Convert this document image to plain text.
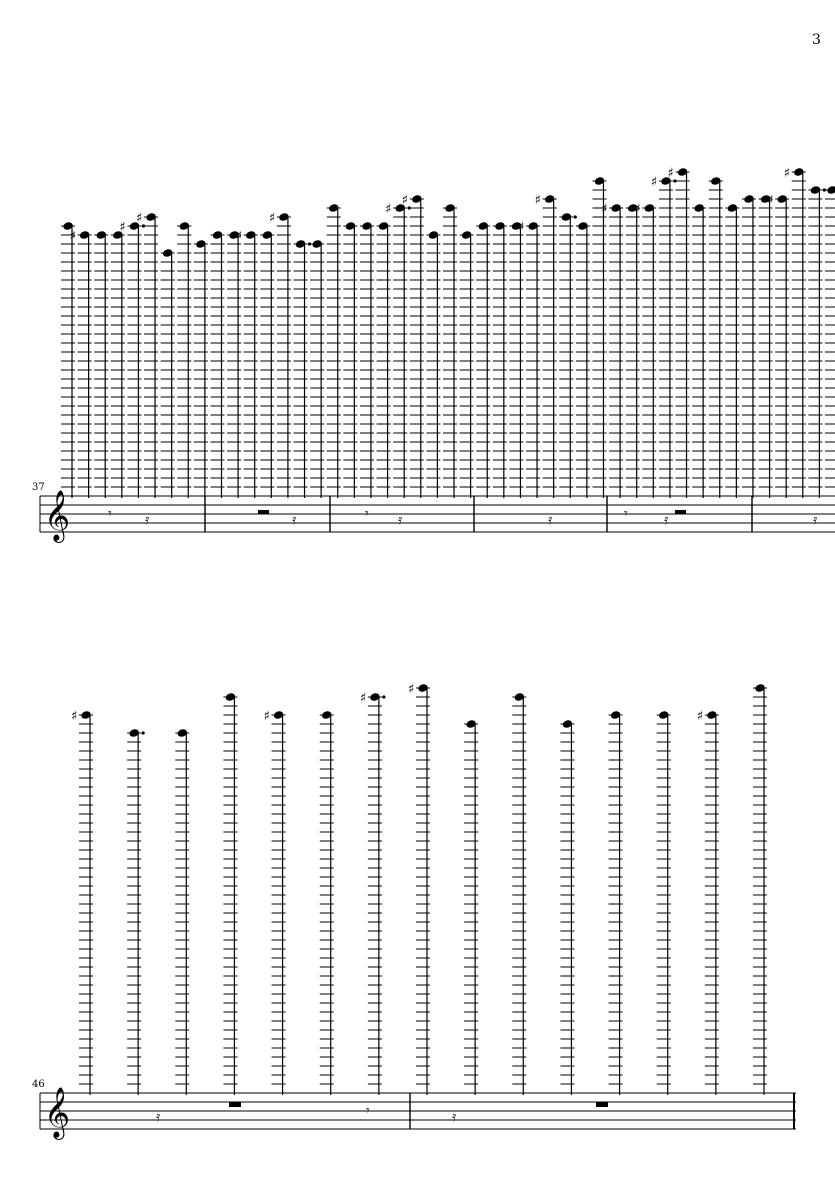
3
37
46
𝄞
𝄞
𝄾 𝄿	𝄿	𝄾 𝄿	𝄿	𝄾	𝄿	𝄿
𝄿	𝄾	𝄿
♯
♯
♯
♯
♯
♯
♯
♯
♯
♯ ♯
♯
♯
♯
♯
♯	♯
♯
♯
♯
